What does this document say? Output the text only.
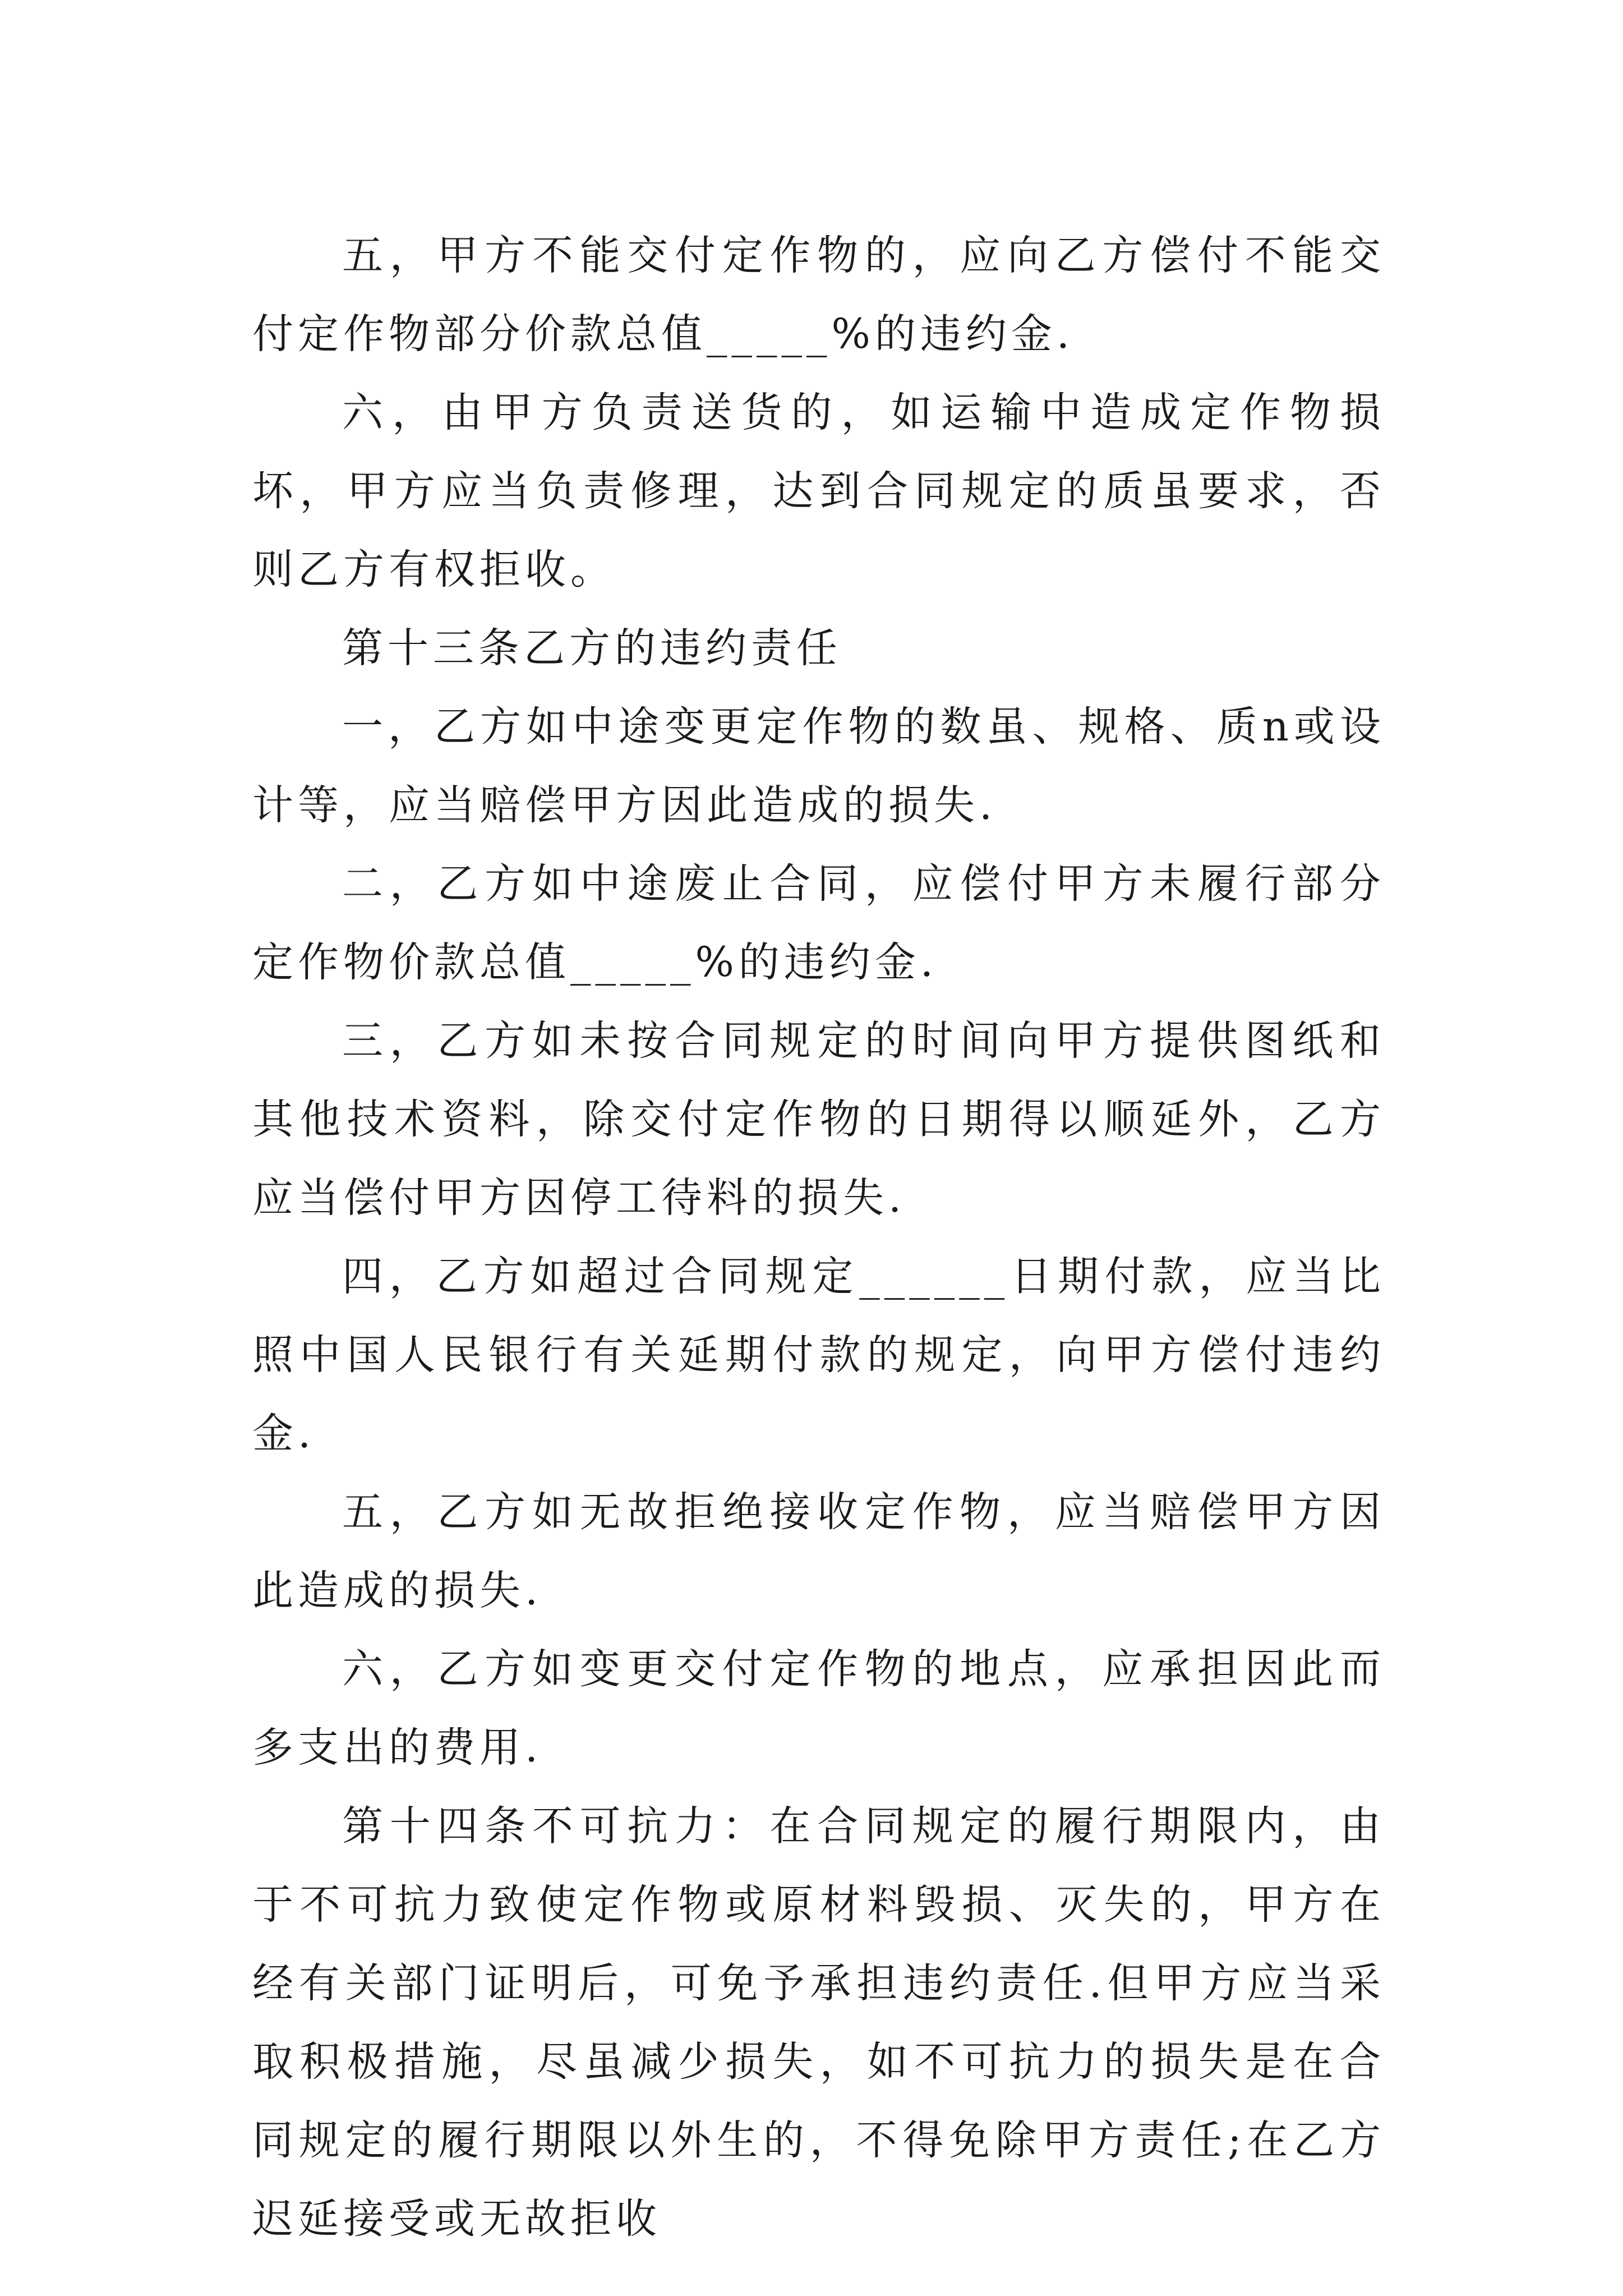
五，甲方不能交付定作物的，应向乙方偿付不能交付定作物部分价款总值_____%的违约金.

六，由甲方负责送货的，如运输中造成定作物损坏，甲方应当负责修理，达到合同规定的质虽要求，否则乙方有权拒收。

第十三条乙方的违约责任

一，乙方如中途变更定作物的数虽、规格、质n或设计等，应当赔偿甲方因此造成的损失.

二，乙方如中途废止合同，应偿付甲方未履行部分定作物价款总值_____%的违约金.

三，乙方如未按合同规定的时间向甲方提供图纸和其他技术资料，除交付定作物的日期得以顺延外，乙方应当偿付甲方因停工待料的损失.

四，乙方如超过合同规定______日期付款，应当比照中国人民银行有关延期付款的规定，向甲方偿付违约金.

五，乙方如无故拒绝接收定作物，应当赔偿甲方因此造成的损失.

六，乙方如变更交付定作物的地点，应承担因此而多支出的费用.

第十四条不可抗力：在合同规定的履行期限内，由于不可抗力致使定作物或原材料毁损、灭失的，甲方在经有关部门证明后，可免予承担违约责任.但甲方应当采取积极措施，尽虽减少损失，如不可抗力的损失是在合同规定的履行期限以外生的，不得免除甲方责任;在乙方迟延接受或无故拒收
